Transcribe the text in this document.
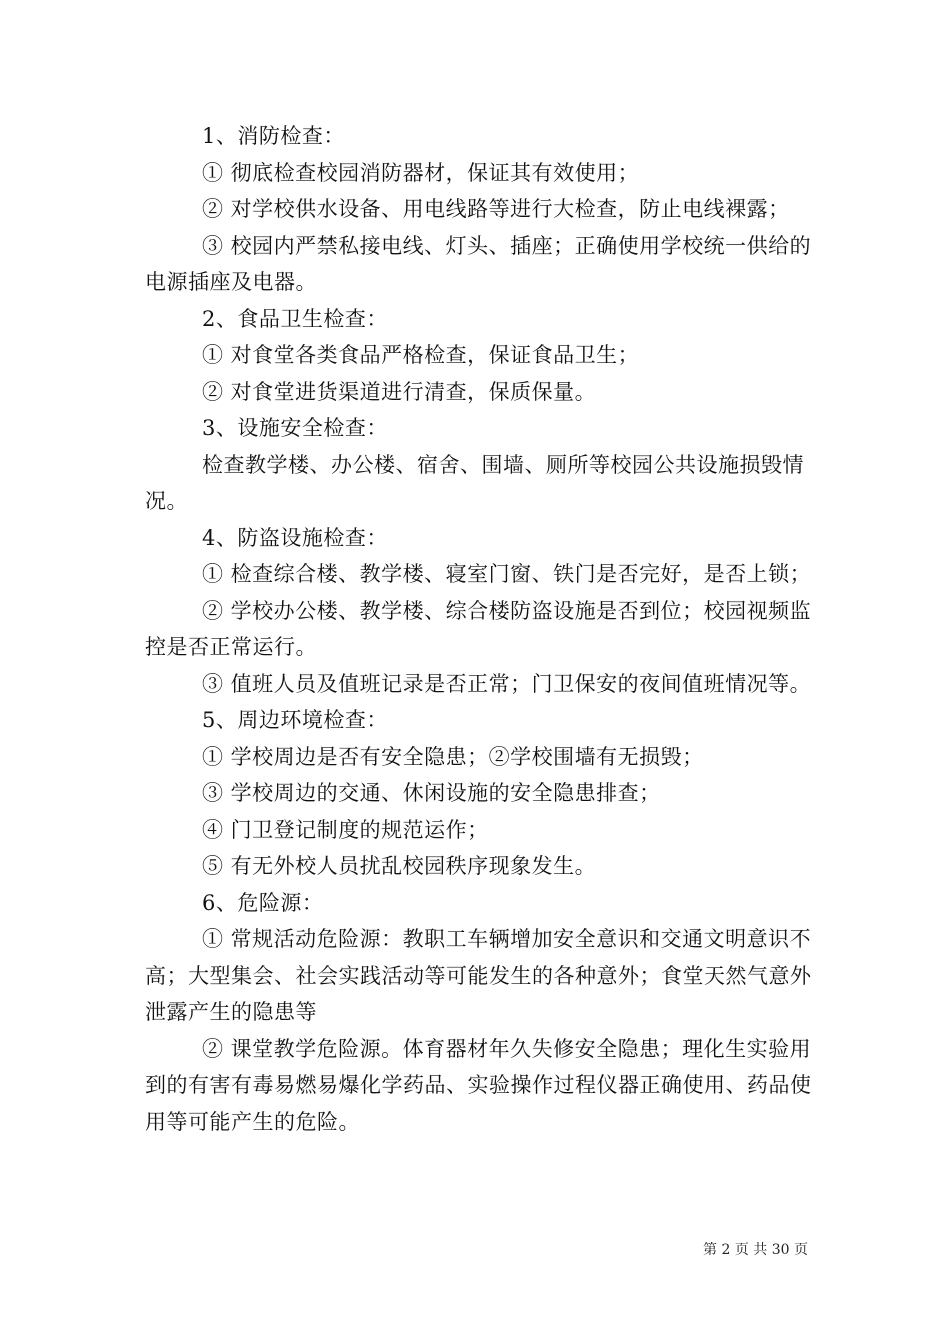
1、消防检查：

① 彻底检查校园消防器材，保证其有效使用；

② 对学校供水设备、用电线路等进行大检查，防止电线裸露；

③ 校园内严禁私接电线、灯头、插座；正确使用学校统一供给的电源插座及电器。

2、食品卫生检查：

① 对食堂各类食品严格检查，保证食品卫生；

② 对食堂进货渠道进行清查，保质保量。

3、设施安全检查：

检查教学楼、办公楼、宿舍、围墙、厕所等校园公共设施损毁情况。

4、防盗设施检查：

① 检查综合楼、教学楼、寝室门窗、铁门是否完好，是否上锁；

② 学校办公楼、教学楼、综合楼防盗设施是否到位；校园视频监控是否正常运行。

③ 值班人员及值班记录是否正常；门卫保安的夜间值班情况等。

5、周边环境检查：

① 学校周边是否有安全隐患；②学校围墙有无损毁；

③ 学校周边的交通、休闲设施的安全隐患排查；

④ 门卫登记制度的规范运作；

⑤ 有无外校人员扰乱校园秩序现象发生。

6、危险源：

① 常规活动危险源：教职工车辆增加安全意识和交通文明意识不高；大型集会、社会实践活动等可能发生的各种意外；食堂天然气意外泄露产生的隐患等

② 课堂教学危险源。体育器材年久失修安全隐患；理化生实验用到的有害有毒易燃易爆化学药品、实验操作过程仪器正确使用、药品使用等可能产生的危险。

第 2 页 共 30 页
